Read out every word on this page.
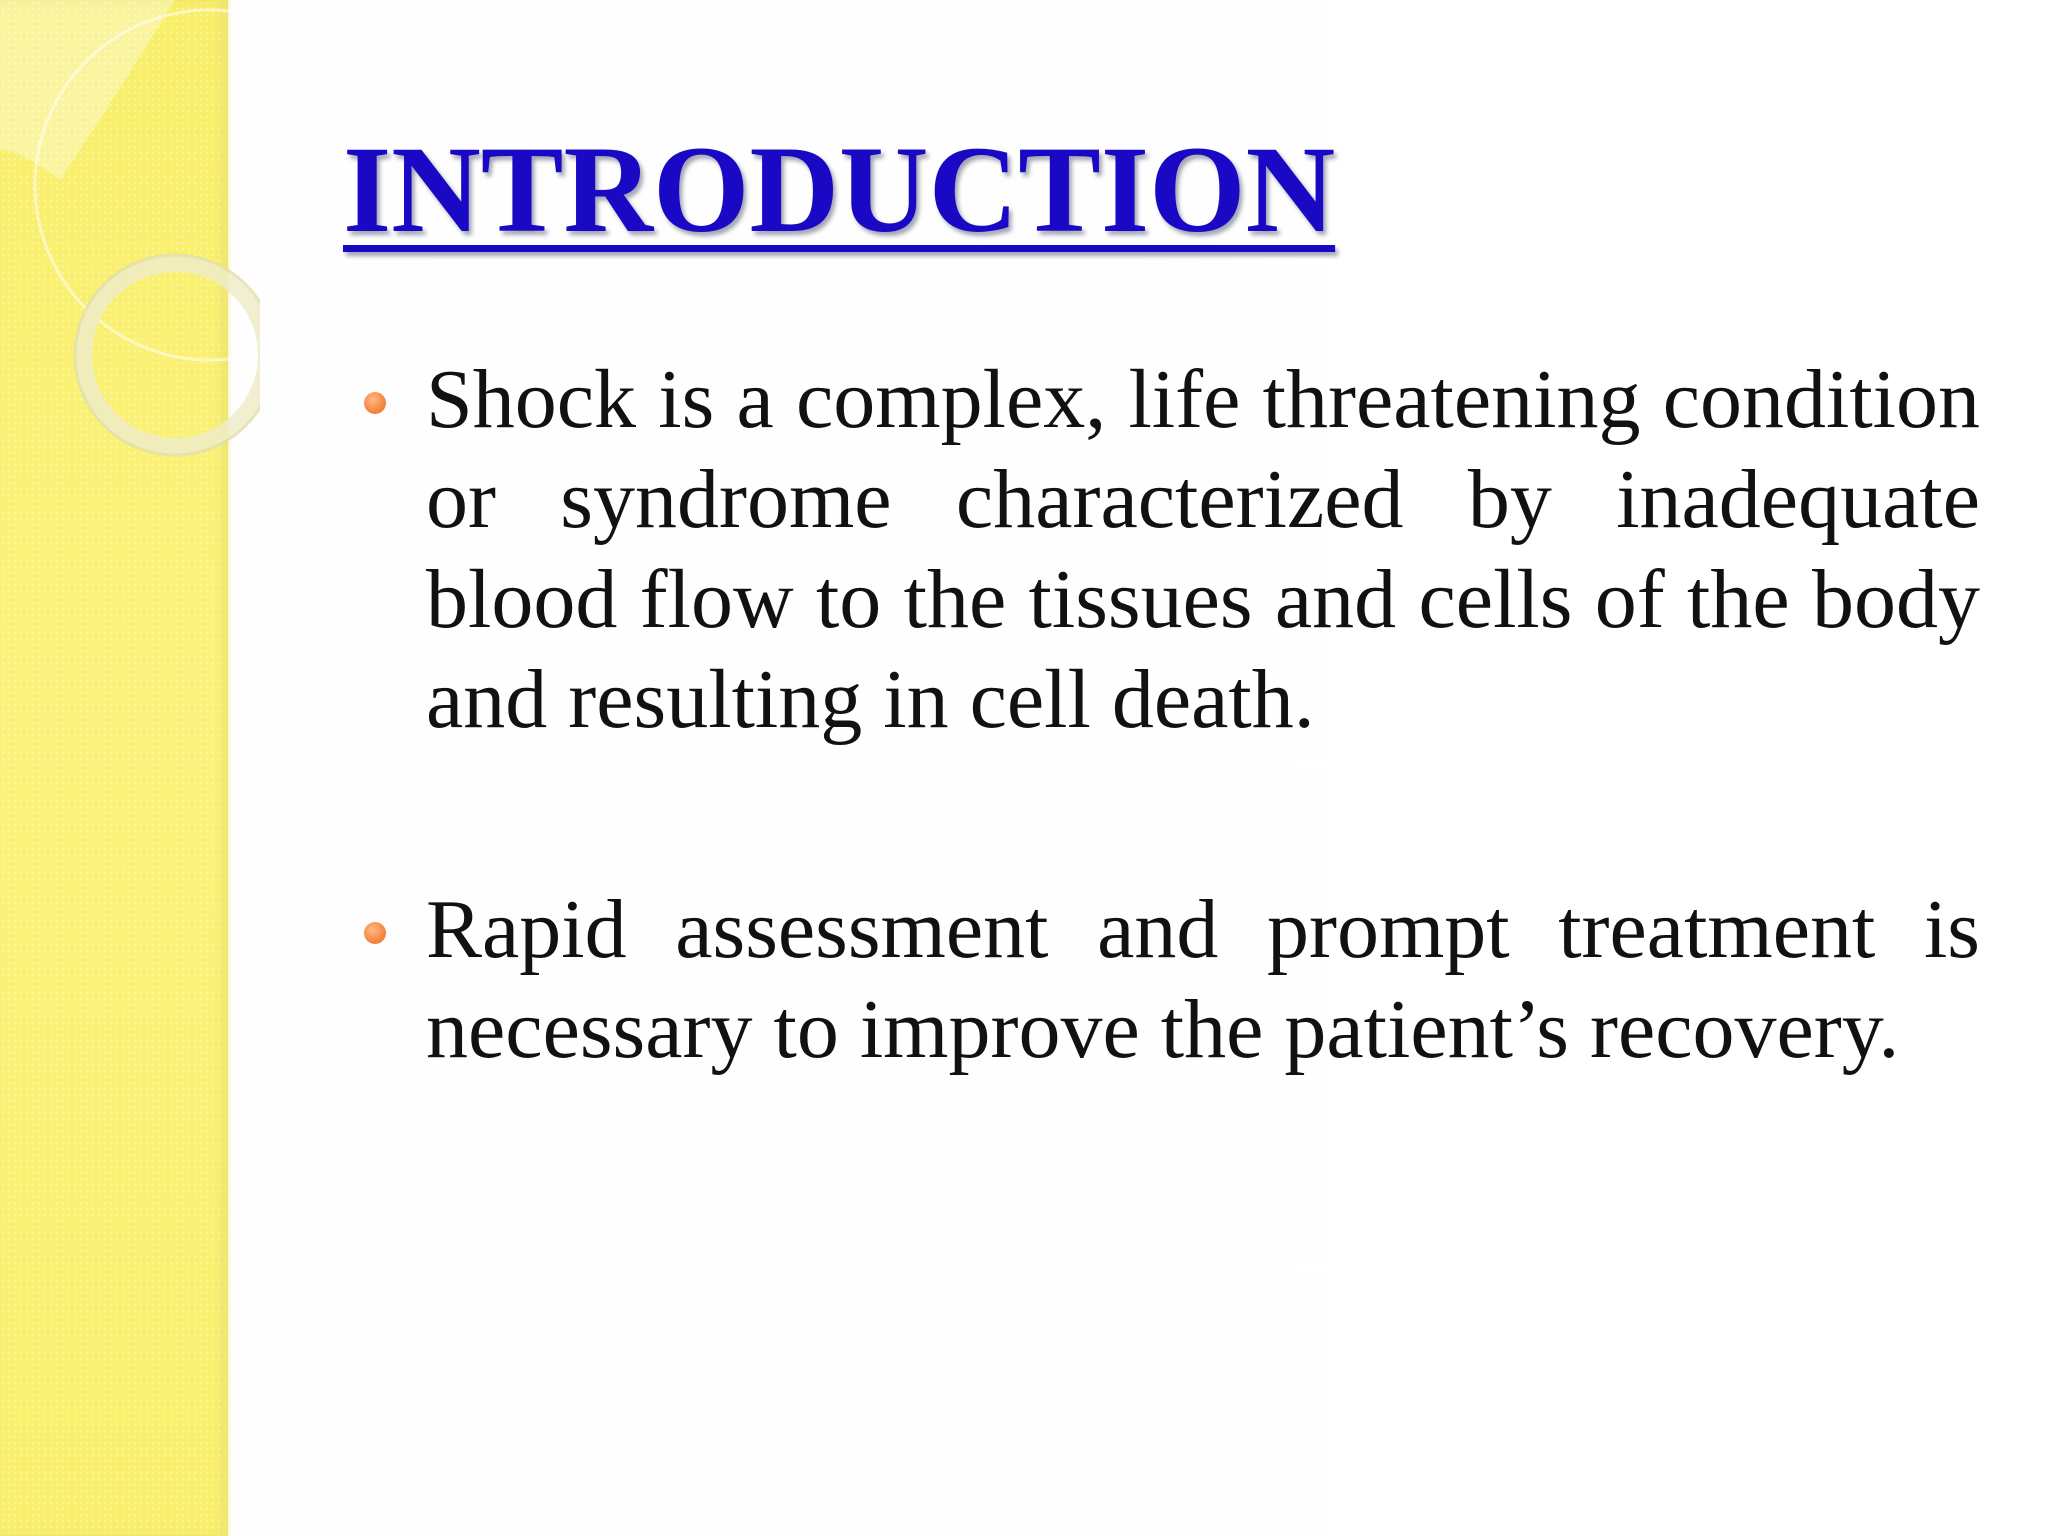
INTRODUCTION
Shock is a complex, life threatening condition or syndrome characterized by inadequate blood flow to the tissues and cells of the body and resulting in cell death.
Rapid assessment and prompt treatment is necessary to improve the patient’s recovery.
